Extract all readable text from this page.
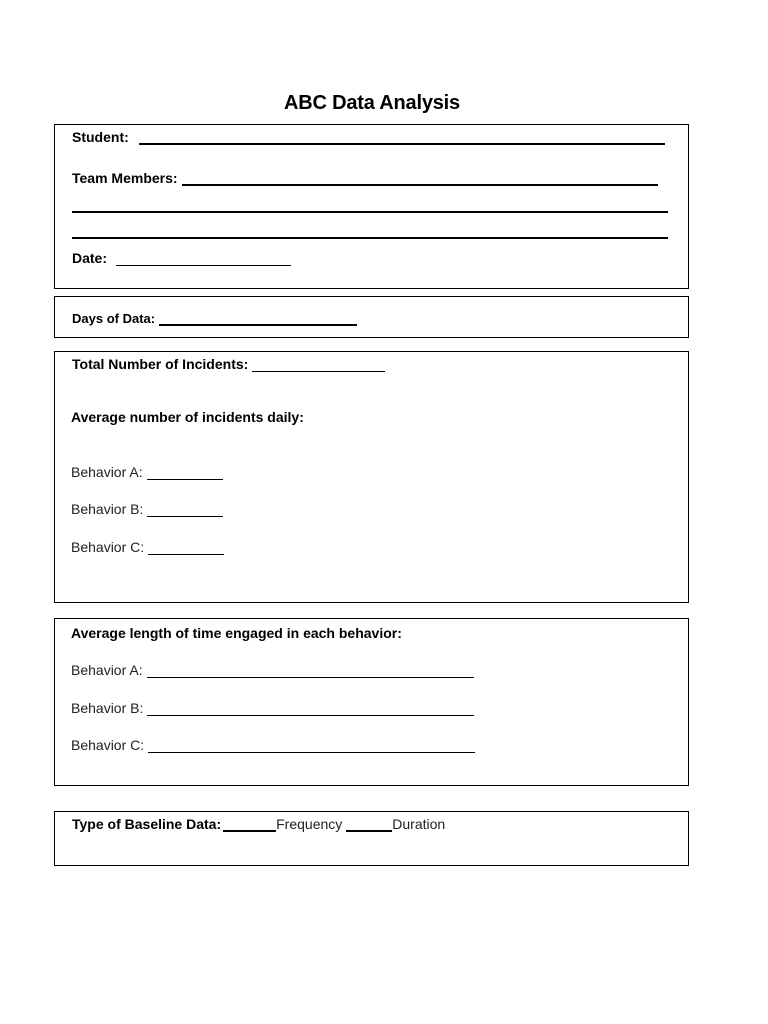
ABC Data Analysis
Student:
Team Members:
Date:
Days of Data:
Total Number of Incidents:
Average number of incidents daily:
Behavior A:
Behavior B:
Behavior C:
Average length of time engaged in each behavior:
Behavior A:
Behavior B:
Behavior C:
Type of Baseline Data:	Frequency	Duration
